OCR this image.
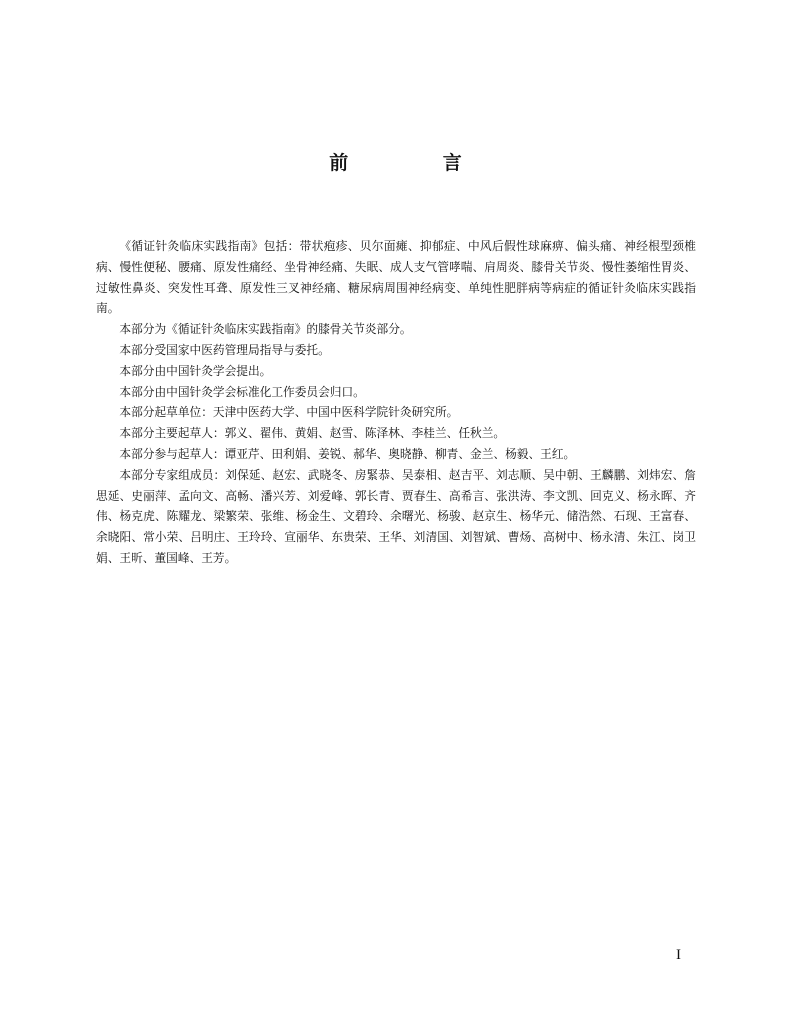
前 言

《循证针灸临床实践指南》包括：带状疱疹、贝尔面瘫、抑郁症、中风后假性球麻痹、偏头痛、神经根型颈椎病、慢性便秘、腰痛、原发性痛经、坐骨神经痛、失眠、成人支气管哮喘、肩周炎、膝骨关节炎、慢性萎缩性胃炎、过敏性鼻炎、突发性耳聋、原发性三叉神经痛、糖尿病周围神经病变、单纯性肥胖病等病症的循证针灸临床实践指南。

本部分为《循证针灸临床实践指南》的膝骨关节炎部分。

本部分受国家中医药管理局指导与委托。

本部分由中国针灸学会提出。

本部分由中国针灸学会标准化工作委员会归口。

本部分起草单位：天津中医药大学、中国中医科学院针灸研究所。

本部分主要起草人：郭义、翟伟、黄娟、赵雪、陈泽林、李桂兰、任秋兰。

本部分参与起草人：谭亚芹、田利娟、姜锐、郝华、奥晓静、柳青、金兰、杨毅、王红。

本部分专家组成员：刘保延、赵宏、武晓冬、房緊恭、吴泰相、赵吉平、刘志顺、吴中朝、王麟鹏、刘炜宏、詹思延、史丽萍、孟向文、高畅、潘兴芳、刘爱峰、郭长青、贾春生、高希言、张洪涛、李文凯、回克义、杨永晖、齐伟、杨克虎、陈耀龙、梁繁荣、张维、杨金生、文碧玲、余曙光、杨骏、赵京生、杨华元、储浩然、石现、王富春、余晓阳、常小荣、吕明庄、王玲玲、宣丽华、东贵荣、王华、刘清国、刘智斌、曹炀、高树中、杨永清、朱江、岗卫娟、王昕、董国峰、王芳。

I
